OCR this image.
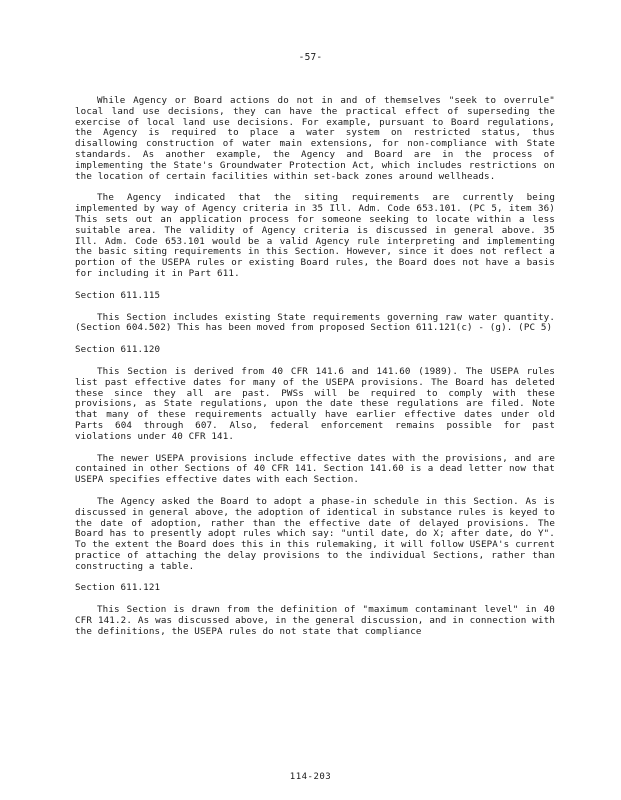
-57-

While Agency or Board actions do not in and of themselves "seek to overrule" local land use decisions, they can have the practical effect of superseding the exercise of local land use decisions. For example, pursuant to Board regulations, the Agency is required to place a water system on restricted status, thus disallowing construction of water main extensions, for non-compliance with State standards. As another example, the Agency and Board are in the process of implementing the State's Groundwater Protection Act, which includes restrictions on the location of certain facilities within set-back zones around wellheads.

The Agency indicated that the siting requirements are currently being implemented by way of Agency criteria in 35 Ill. Adm. Code 653.101. (PC 5, item 36) This sets out an application process for someone seeking to locate within a less suitable area. The validity of Agency criteria is discussed in general above. 35 Ill. Adm. Code 653.101 would be a valid Agency rule interpreting and implementing the basic siting requirements in this Section. However, since it does not reflect a portion of the USEPA rules or existing Board rules, the Board does not have a basis for including it in Part 611.

Section 611.115

This Section includes existing State requirements governing raw water quantity. (Section 604.502) This has been moved from proposed Section 611.121(c) - (g). (PC 5)

Section 611.120

This Section is derived from 40 CFR 141.6 and 141.60 (1989). The USEPA rules list past effective dates for many of the USEPA provisions. The Board has deleted these since they all are past. PWSs will be required to comply with these provisions, as State regulations, upon the date these regulations are filed. Note that many of these requirements actually have earlier effective dates under old Parts 604 through 607. Also, federal enforcement remains possible for past violations under 40 CFR 141.

The newer USEPA provisions include effective dates with the provisions, and are contained in other Sections of 40 CFR 141. Section 141.60 is a dead letter now that USEPA specifies effective dates with each Section.

The Agency asked the Board to adopt a phase-in schedule in this Section. As is discussed in general above, the adoption of identical in substance rules is keyed to the date of adoption, rather than the effective date of delayed provisions. The Board has to presently adopt rules which say: "until date, do X; after date, do Y". To the extent the Board does this in this rulemaking, it will follow USEPA's current practice of attaching the delay provisions to the individual Sections, rather than constructing a table.

Section 611.121

This Section is drawn from the definition of "maximum contaminant level" in 40 CFR 141.2. As was discussed above, in the general discussion, and in connection with the definitions, the USEPA rules do not state that compliance

114-203
